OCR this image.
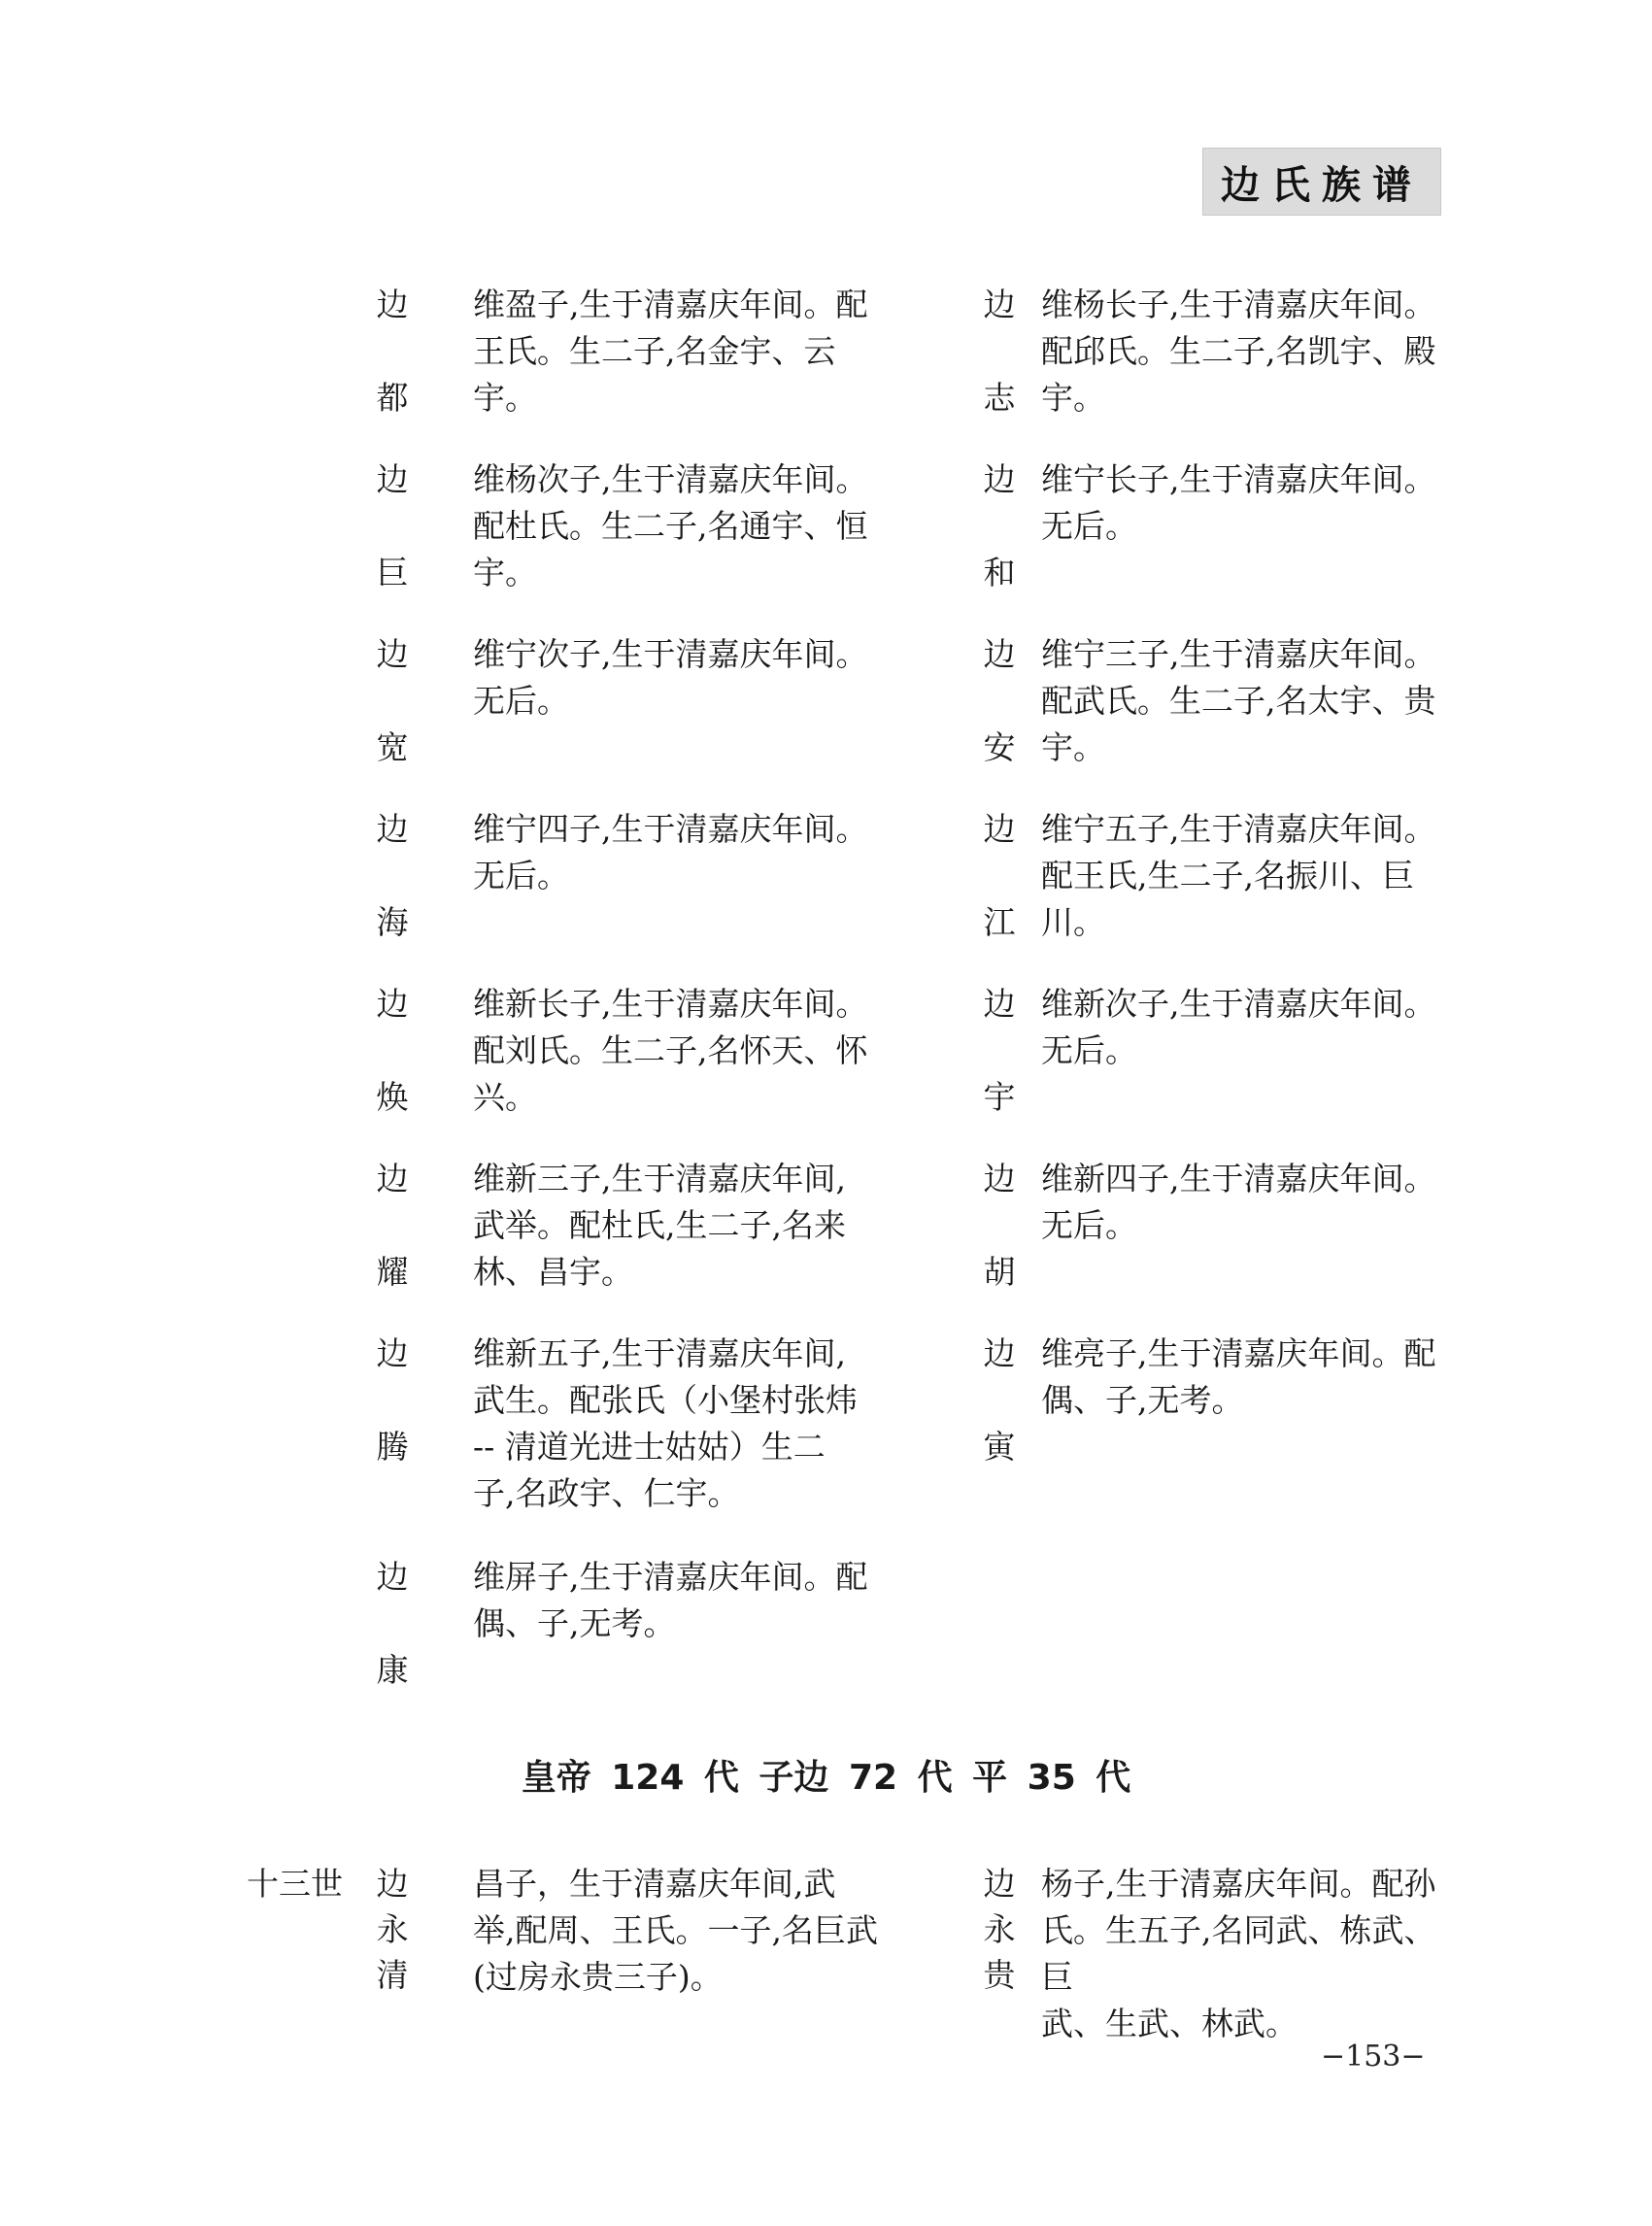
边氏族谱
边
都
维盈子,生于清嘉庆年间。配
王氏。生二子,名金宇、云宇。
边
巨
维杨次子,生于清嘉庆年间。
配杜氏。生二子,名通宇、恒
宇。
边
宽
维宁次子,生于清嘉庆年间。
无后。
边
海
维宁四子,生于清嘉庆年间。
无后。
边
焕
维新长子,生于清嘉庆年间。
配刘氏。生二子,名怀天、怀
兴。
边
耀
维新三子,生于清嘉庆年间,
武举。配杜氏,生二子,名来
林、昌宇。
边
腾
维新五子,生于清嘉庆年间,
武生。配张氏（小堡村张炜
-- 清道光进士姑姑）生二
子,名政宇、仁宇。
边
康
维屏子,生于清嘉庆年间。配
偶、子,无考。
边
志
维杨长子,生于清嘉庆年间。
配邱氏。生二子,名凯宇、殿
宇。
边
和
维宁长子,生于清嘉庆年间。
无后。
边
安
维宁三子,生于清嘉庆年间。
配武氏。生二子,名太宇、贵
宇。
边
江
维宁五子,生于清嘉庆年间。
配王氏,生二子,名振川、巨
川。
边
宇
维新次子,生于清嘉庆年间。
无后。
边
胡
维新四子,生于清嘉庆年间。
无后。
边
寅
维亮子,生于清嘉庆年间。配
偶、子,无考。
皇帝 124 代 子边 72 代 平 35 代
十三世 边
永
清
昌子，生于清嘉庆年间,武
举,配周、王氏。一子,名巨武
(过房永贵三子)。
边
永
贵
杨子,生于清嘉庆年间。配孙
氏。生五子,名同武、栋武、巨
武、生武、林武。
−153−
